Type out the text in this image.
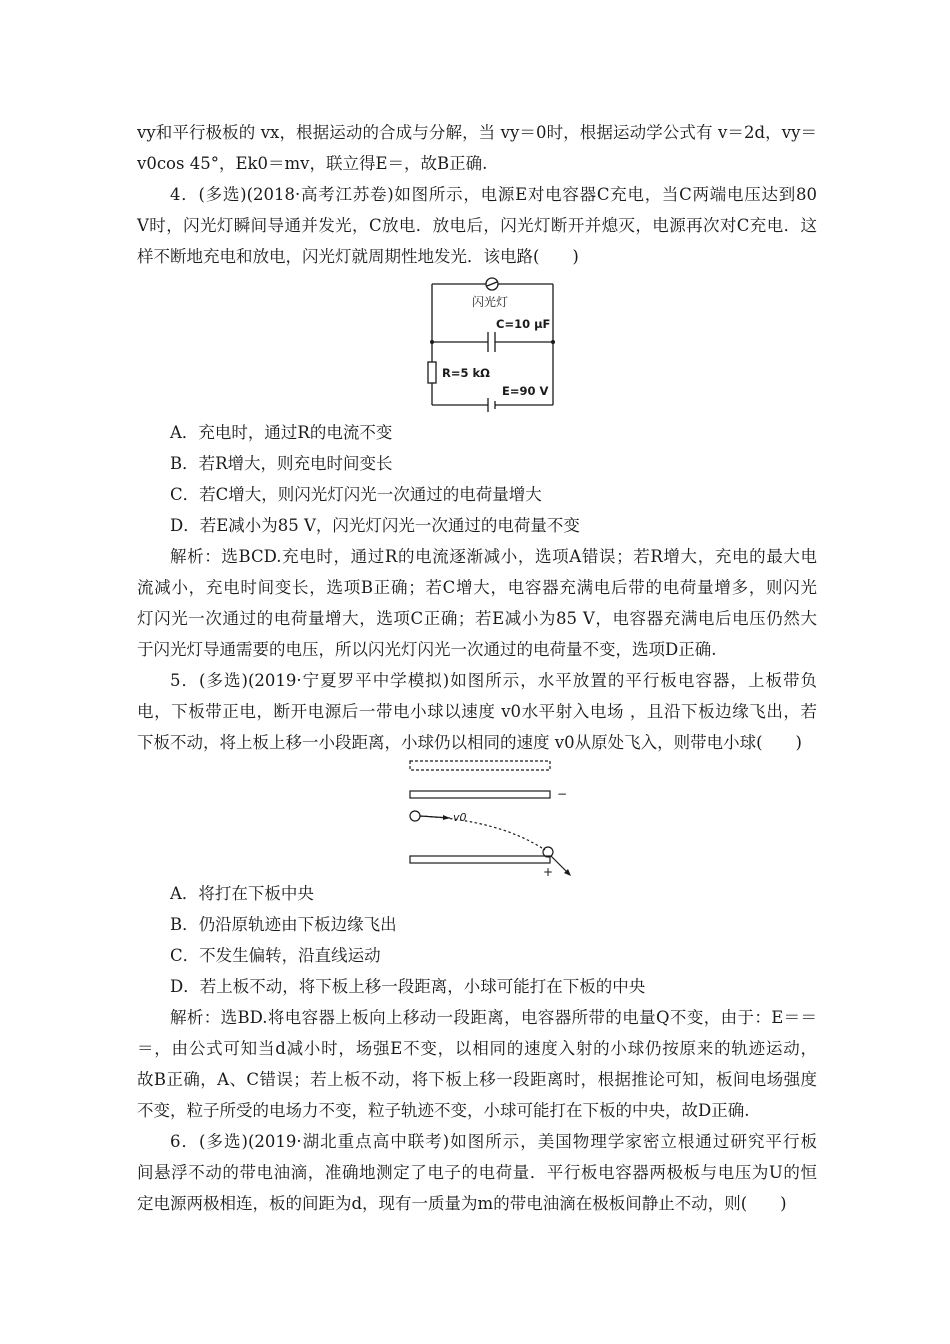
vy和平行极板的 vx，根据运动的合成与分解，当 vy＝0时，根据运动学公式有 v＝2d，vy＝
v0cos 45°，Ek0＝mv，联立得E＝，故B正确.
4．(多选)(2018·高考江苏卷)如图所示，电源E对电容器C充电，当C两端电压达到80
V时，闪光灯瞬间导通并发光，C放电．放电后，闪光灯断开并熄灭，电源再次对C充电．这
样不断地充电和放电，闪光灯就周期性地发光．该电路(　　)
闪光灯
C=10 μF
R=5 kΩ
E=90 V
A．充电时，通过R的电流不变
B．若R增大，则充电时间变长
C．若C增大，则闪光灯闪光一次通过的电荷量增大
D．若E减小为85 V，闪光灯闪光一次通过的电荷量不变
解析：选BCD.充电时，通过R的电流逐渐减小，选项A错误；若R增大，充电的最大电
流减小，充电时间变长，选项B正确；若C增大，电容器充满电后带的电荷量增多，则闪光
灯闪光一次通过的电荷量增大，选项C正确；若E减小为85 V，电容器充满电后电压仍然大
于闪光灯导通需要的电压，所以闪光灯闪光一次通过的电荷量不变，选项D正确.
5．(多选)(2019·宁夏罗平中学模拟)如图所示，水平放置的平行板电容器，上板带负
电，下板带正电，断开电源后一带电小球以速度 v0水平射入电场 ，且沿下板边缘飞出，若
下板不动，将上板上移一小段距离，小球仍以相同的速度 v0从原处飞入，则带电小球(　　)
−
+
v0
A．将打在下板中央
B．仍沿原轨迹由下板边缘飞出
C．不发生偏转，沿直线运动
D．若上板不动，将下板上移一段距离，小球可能打在下板的中央
解析：选BD.将电容器上板向上移动一段距离，电容器所带的电量Q不变，由于：E＝＝
＝，由公式可知当d减小时，场强E不变，以相同的速度入射的小球仍按原来的轨迹运动，
故B正确，A、C错误；若上板不动，将下板上移一段距离时，根据推论可知，板间电场强度
不变，粒子所受的电场力不变，粒子轨迹不变，小球可能打在下板的中央，故D正确.
6．(多选)(2019·湖北重点高中联考)如图所示，美国物理学家密立根通过研究平行板
间悬浮不动的带电油滴，准确地测定了电子的电荷量．平行板电容器两极板与电压为U的恒
定电源两极相连，板的间距为d，现有一质量为m的带电油滴在极板间静止不动，则(　　)
